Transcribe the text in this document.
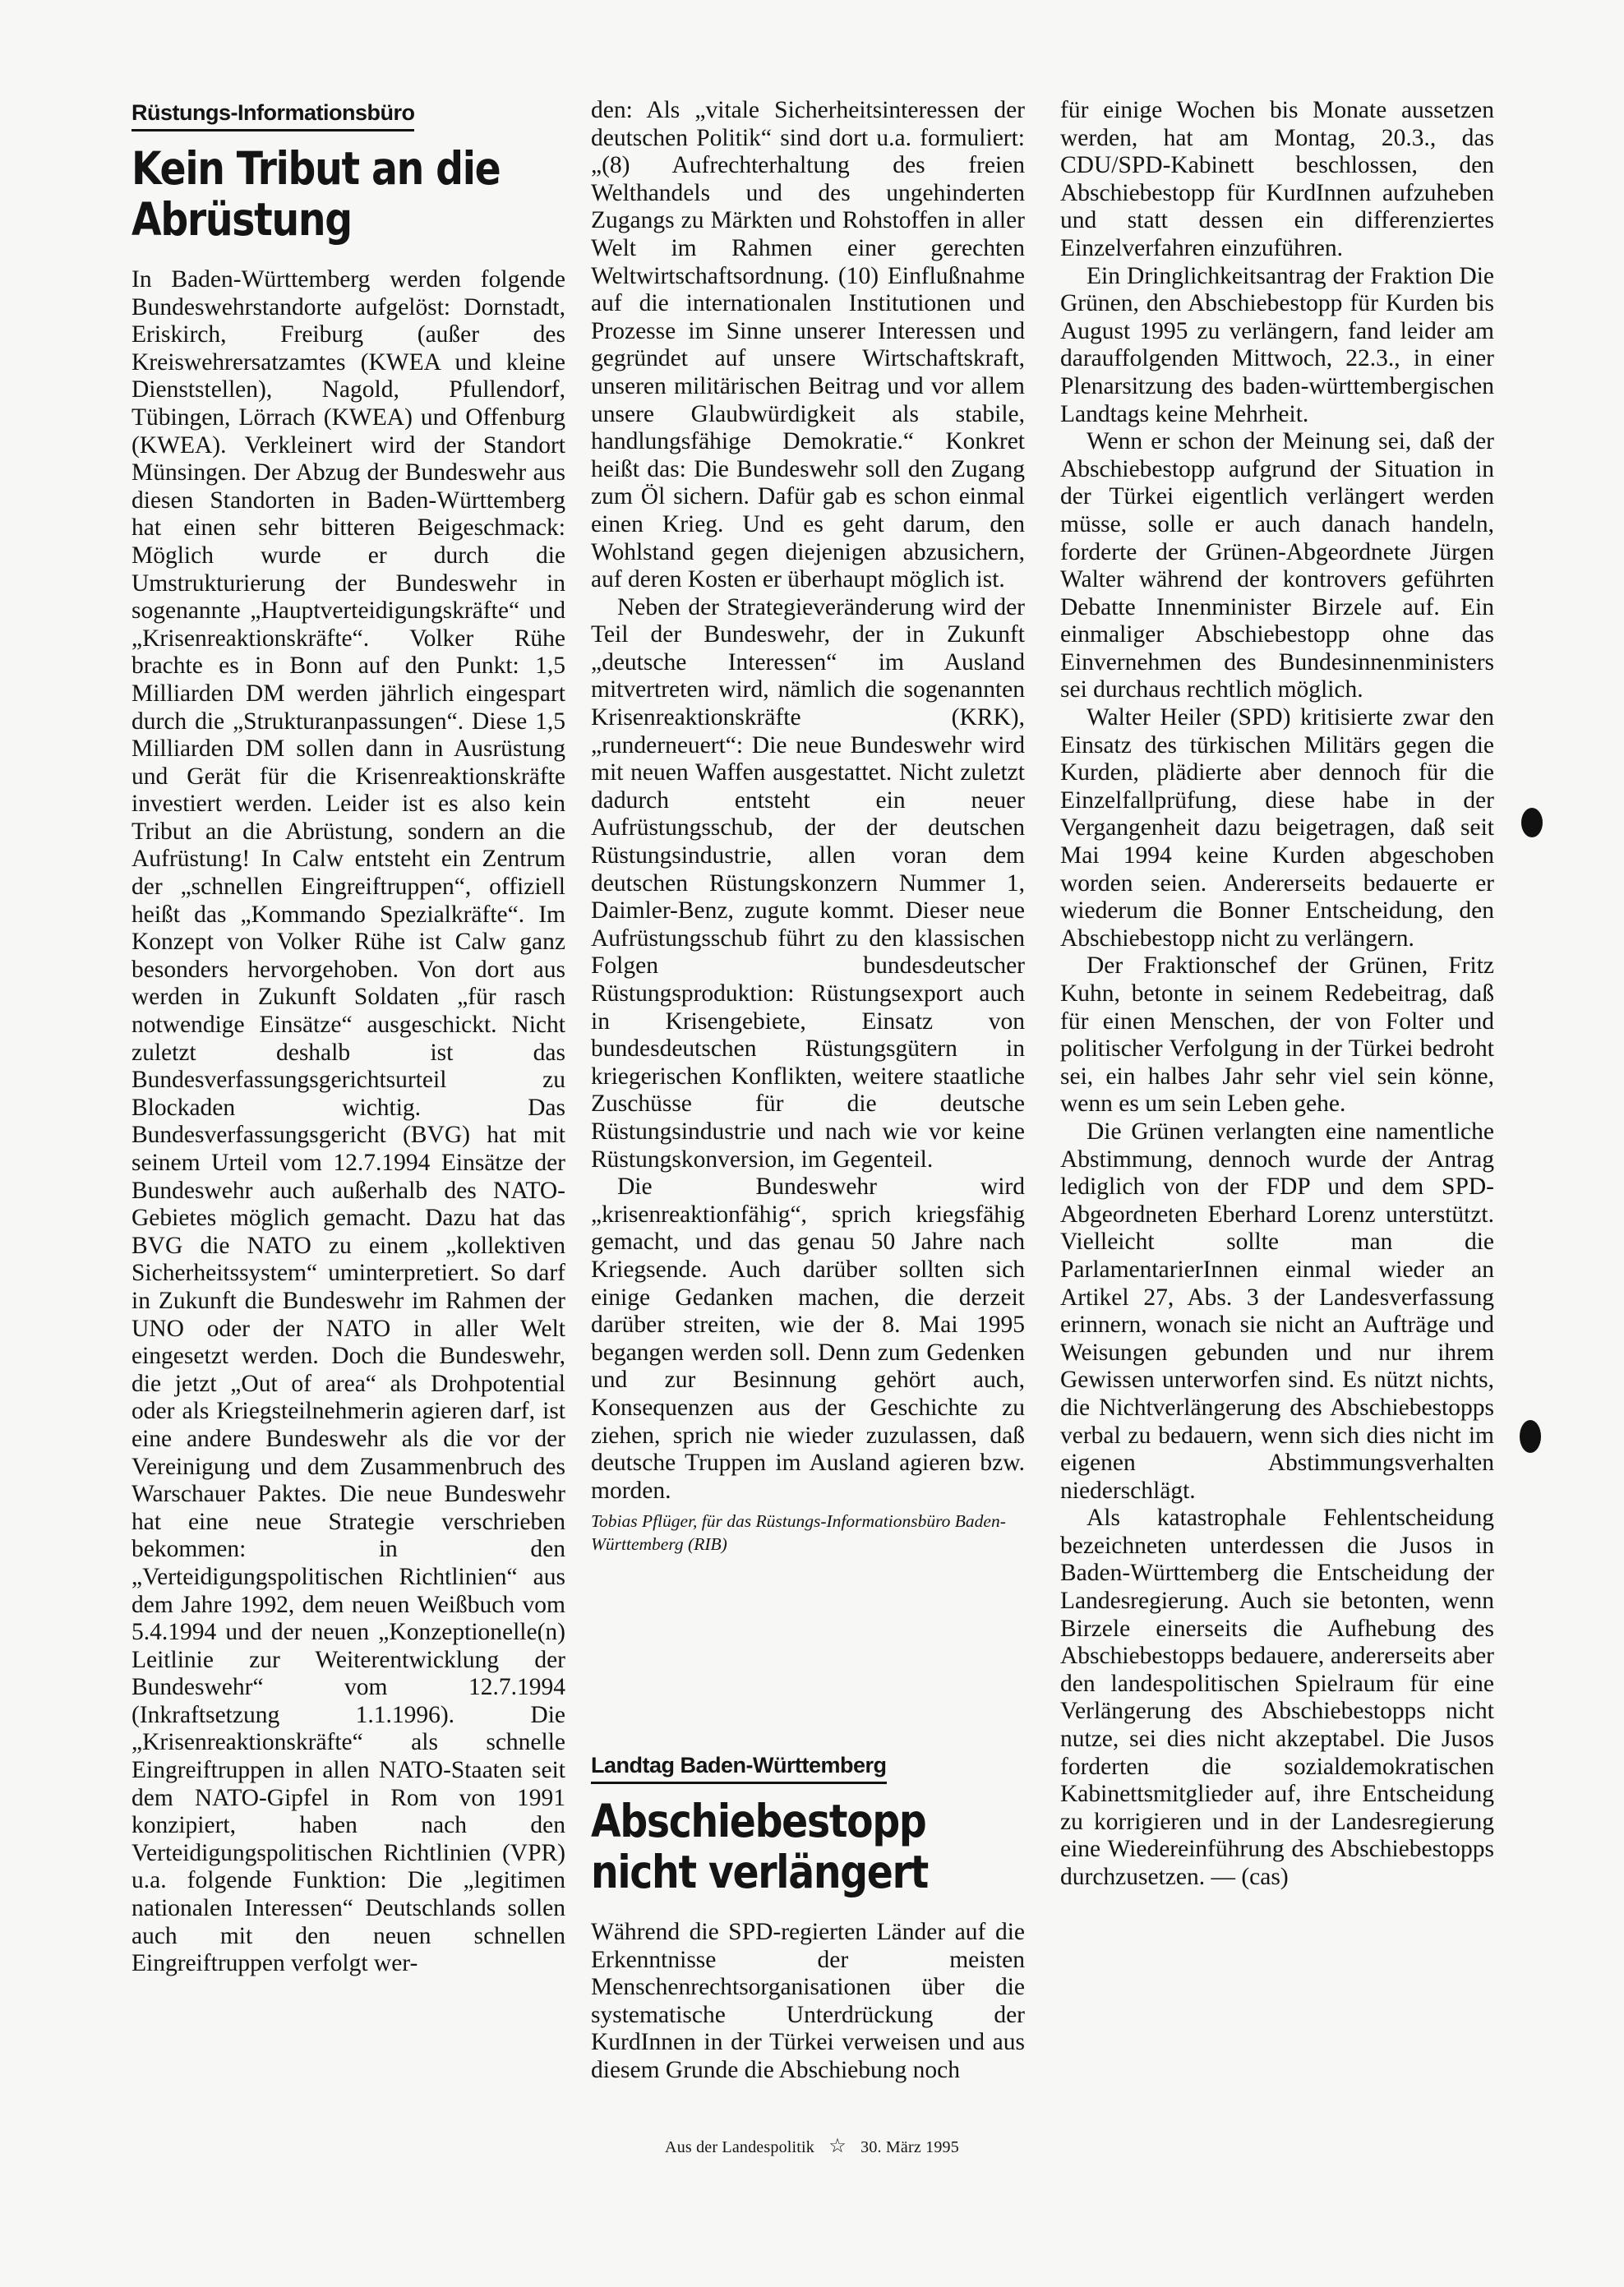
Rüstungs-Informationsbüro
Kein Tribut an die Abrüstung

In Baden-Württemberg werden folgende Bundeswehrstandorte aufgelöst: Dornstadt, Eriskirch, Freiburg (außer des Kreiswehrersatzamtes (KWEA und kleine Dienststellen), Nagold, Pfullendorf, Tübingen, Lörrach (KWEA) und Offenburg (KWEA). Verkleinert wird der Standort Münsingen. Der Abzug der Bundeswehr aus diesen Standorten in Baden-Württemberg hat einen sehr bitteren Beigeschmack: Möglich wurde er durch die Umstrukturierung der Bundeswehr in sogenannte „Hauptverteidigungskräfte“ und „Krisenreaktionskräfte“. Volker Rühe brachte es in Bonn auf den Punkt: 1,5 Milliarden DM werden jährlich eingespart durch die „Strukturanpassungen“. Diese 1,5 Milliarden DM sollen dann in Ausrüstung und Gerät für die Krisenreaktionskräfte investiert werden. Leider ist es also kein Tribut an die Abrüstung, sondern an die Aufrüstung! In Calw entsteht ein Zentrum der „schnellen Eingreiftruppen“, offiziell heißt das „Kommando Spezialkräfte“. Im Konzept von Volker Rühe ist Calw ganz besonders hervorgehoben. Von dort aus werden in Zukunft Soldaten „für rasch notwendige Einsätze“ ausgeschickt. Nicht zuletzt deshalb ist das Bundesverfassungsgerichtsurteil zu Blockaden wichtig. Das Bundesverfassungsgericht (BVG) hat mit seinem Urteil vom 12.7.1994 Einsätze der Bundeswehr auch außerhalb des NATO-Gebietes möglich gemacht. Dazu hat das BVG die NATO zu einem „kollektiven Sicherheitssystem“ uminterpretiert. So darf in Zukunft die Bundeswehr im Rahmen der UNO oder der NATO in aller Welt eingesetzt werden. Doch die Bundeswehr, die jetzt „Out of area“ als Drohpotential oder als Kriegsteilnehmerin agieren darf, ist eine andere Bundeswehr als die vor der Vereinigung und dem Zusammenbruch des Warschauer Paktes. Die neue Bundeswehr hat eine neue Strategie verschrieben bekommen: in den „Verteidigungspolitischen Richtlinien“ aus dem Jahre 1992, dem neuen Weißbuch vom 5.4.1994 und der neuen „Konzeptionelle(n) Leitlinie zur Weiterentwicklung der Bundeswehr“ vom 12.7.1994 (Inkraftsetzung 1.1.1996). Die „Krisenreaktionskräfte“ als schnelle Eingreiftruppen in allen NATO-Staaten seit dem NATO-Gipfel in Rom von 1991 konzipiert, haben nach den Verteidigungspolitischen Richtlinien (VPR) u.a. folgende Funktion: Die „legitimen nationalen Interessen“ Deutschlands sollen auch mit den neuen schnellen Eingreiftruppen verfolgt wer-

den: Als „vitale Sicherheitsinteressen der deutschen Politik“ sind dort u.a. formuliert: „(8) Aufrechterhaltung des freien Welthandels und des ungehinderten Zugangs zu Märkten und Rohstoffen in aller Welt im Rahmen einer gerechten Weltwirtschaftsordnung. (10) Einflußnahme auf die internationalen Institutionen und Prozesse im Sinne unserer Interessen und gegründet auf unsere Wirtschaftskraft, unseren militärischen Beitrag und vor allem unsere Glaubwürdigkeit als stabile, handlungsfähige Demokratie.“ Konkret heißt das: Die Bundeswehr soll den Zugang zum Öl sichern. Dafür gab es schon einmal einen Krieg. Und es geht darum, den Wohlstand gegen diejenigen abzusichern, auf deren Kosten er überhaupt möglich ist.

Neben der Strategieveränderung wird der Teil der Bundeswehr, der in Zukunft „deutsche Interessen“ im Ausland mitvertreten wird, nämlich die sogenannten Krisenreaktionskräfte (KRK), „runderneuert“: Die neue Bundeswehr wird mit neuen Waffen ausgestattet. Nicht zuletzt dadurch entsteht ein neuer Aufrüstungsschub, der der deutschen Rüstungsindustrie, allen voran dem deutschen Rüstungskonzern Nummer 1, Daimler-Benz, zugute kommt. Dieser neue Aufrüstungsschub führt zu den klassischen Folgen bundesdeutscher Rüstungsproduktion: Rüstungsexport auch in Krisengebiete, Einsatz von bundesdeutschen Rüstungsgütern in kriegerischen Konflikten, weitere staatliche Zuschüsse für die deutsche Rüstungsindustrie und nach wie vor keine Rüstungskonversion, im Gegenteil.

Die Bundeswehr wird „krisenreaktionfähig“, sprich kriegsfähig gemacht, und das genau 50 Jahre nach Kriegsende. Auch darüber sollten sich einige Gedanken machen, die derzeit darüber streiten, wie der 8. Mai 1995 begangen werden soll. Denn zum Gedenken und zur Besinnung gehört auch, Konsequenzen aus der Geschichte zu ziehen, sprich nie wieder zuzulassen, daß deutsche Truppen im Ausland agieren bzw. morden.

Tobias Pflüger, für das Rüstungs-Informationsbüro Baden-Württemberg (RIB)
Landtag Baden-Württemberg
Abschiebestopp nicht verlängert

Während die SPD-regierten Länder auf die Erkenntnisse der meisten Menschenrechtsorganisationen über die systematische Unterdrückung der KurdInnen in der Türkei verweisen und aus diesem Grunde die Abschiebung noch

für einige Wochen bis Monate aussetzen werden, hat am Montag, 20.3., das CDU/SPD-Kabinett beschlossen, den Abschiebestopp für KurdInnen aufzuheben und statt dessen ein differenziertes Einzelverfahren einzuführen.

Ein Dringlichkeitsantrag der Fraktion Die Grünen, den Abschiebestopp für Kurden bis August 1995 zu verlängern, fand leider am darauffolgenden Mittwoch, 22.3., in einer Plenarsitzung des baden-württembergischen Landtags keine Mehrheit.

Wenn er schon der Meinung sei, daß der Abschiebestopp aufgrund der Situation in der Türkei eigentlich verlängert werden müsse, solle er auch danach handeln, forderte der Grünen-Abgeordnete Jürgen Walter während der kontrovers geführten Debatte Innenminister Birzele auf. Ein einmaliger Abschiebestopp ohne das Einvernehmen des Bundesinnenministers sei durchaus rechtlich möglich.

Walter Heiler (SPD) kritisierte zwar den Einsatz des türkischen Militärs gegen die Kurden, plädierte aber dennoch für die Einzelfallprüfung, diese habe in der Vergangenheit dazu beigetragen, daß seit Mai 1994 keine Kurden abgeschoben worden seien. Andererseits bedauerte er wiederum die Bonner Entscheidung, den Abschiebestopp nicht zu verlängern.

Der Fraktionschef der Grünen, Fritz Kuhn, betonte in seinem Redebeitrag, daß für einen Menschen, der von Folter und politischer Verfolgung in der Türkei bedroht sei, ein halbes Jahr sehr viel sein könne, wenn es um sein Leben gehe.

Die Grünen verlangten eine namentliche Abstimmung, dennoch wurde der Antrag lediglich von der FDP und dem SPD-Abgeordneten Eberhard Lorenz unterstützt. Vielleicht sollte man die ParlamentarierInnen einmal wieder an Artikel 27, Abs. 3 der Landesverfassung erinnern, wonach sie nicht an Aufträge und Weisungen gebunden und nur ihrem Gewissen unterworfen sind. Es nützt nichts, die Nichtverlängerung des Abschiebestopps verbal zu bedauern, wenn sich dies nicht im eigenen Abstimmungsverhalten niederschlägt.

Als katastrophale Fehlentscheidung bezeichneten unterdessen die Jusos in Baden-Württemberg die Entscheidung der Landesregierung. Auch sie betonten, wenn Birzele einerseits die Aufhebung des Abschiebestopps bedauere, andererseits aber den landespolitischen Spielraum für eine Verlängerung des Abschiebestopps nicht nutze, sei dies nicht akzeptabel. Die Jusos forderten die sozialdemokratischen Kabinettsmitglieder auf, ihre Entscheidung zu korrigieren und in der Landesregierung eine Wiedereinführung des Abschiebestopps durchzusetzen. — (cas)

Aus der Landespolitik ☆ 30. März 1995
